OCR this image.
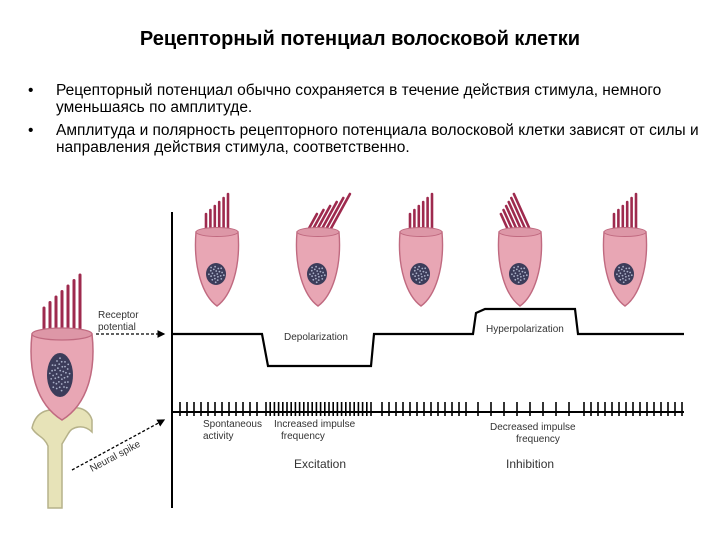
Рецепторный потенциал волосковой клетки
• Рецепторный потенциал обычно сохраняется в течение действия стимула, немного уменьшаясь по амплитуде.
• Амплитуда и полярность рецепторного потенциала волосковой клетки зависят от силы и направления действия стимула, соответственно.
Receptor potential
Neural spike
Depolarization
Hyperpolarization
Spontaneous activity
Increased impulse frequency
Decreased impulse frequency
Excitation	Inhibition
